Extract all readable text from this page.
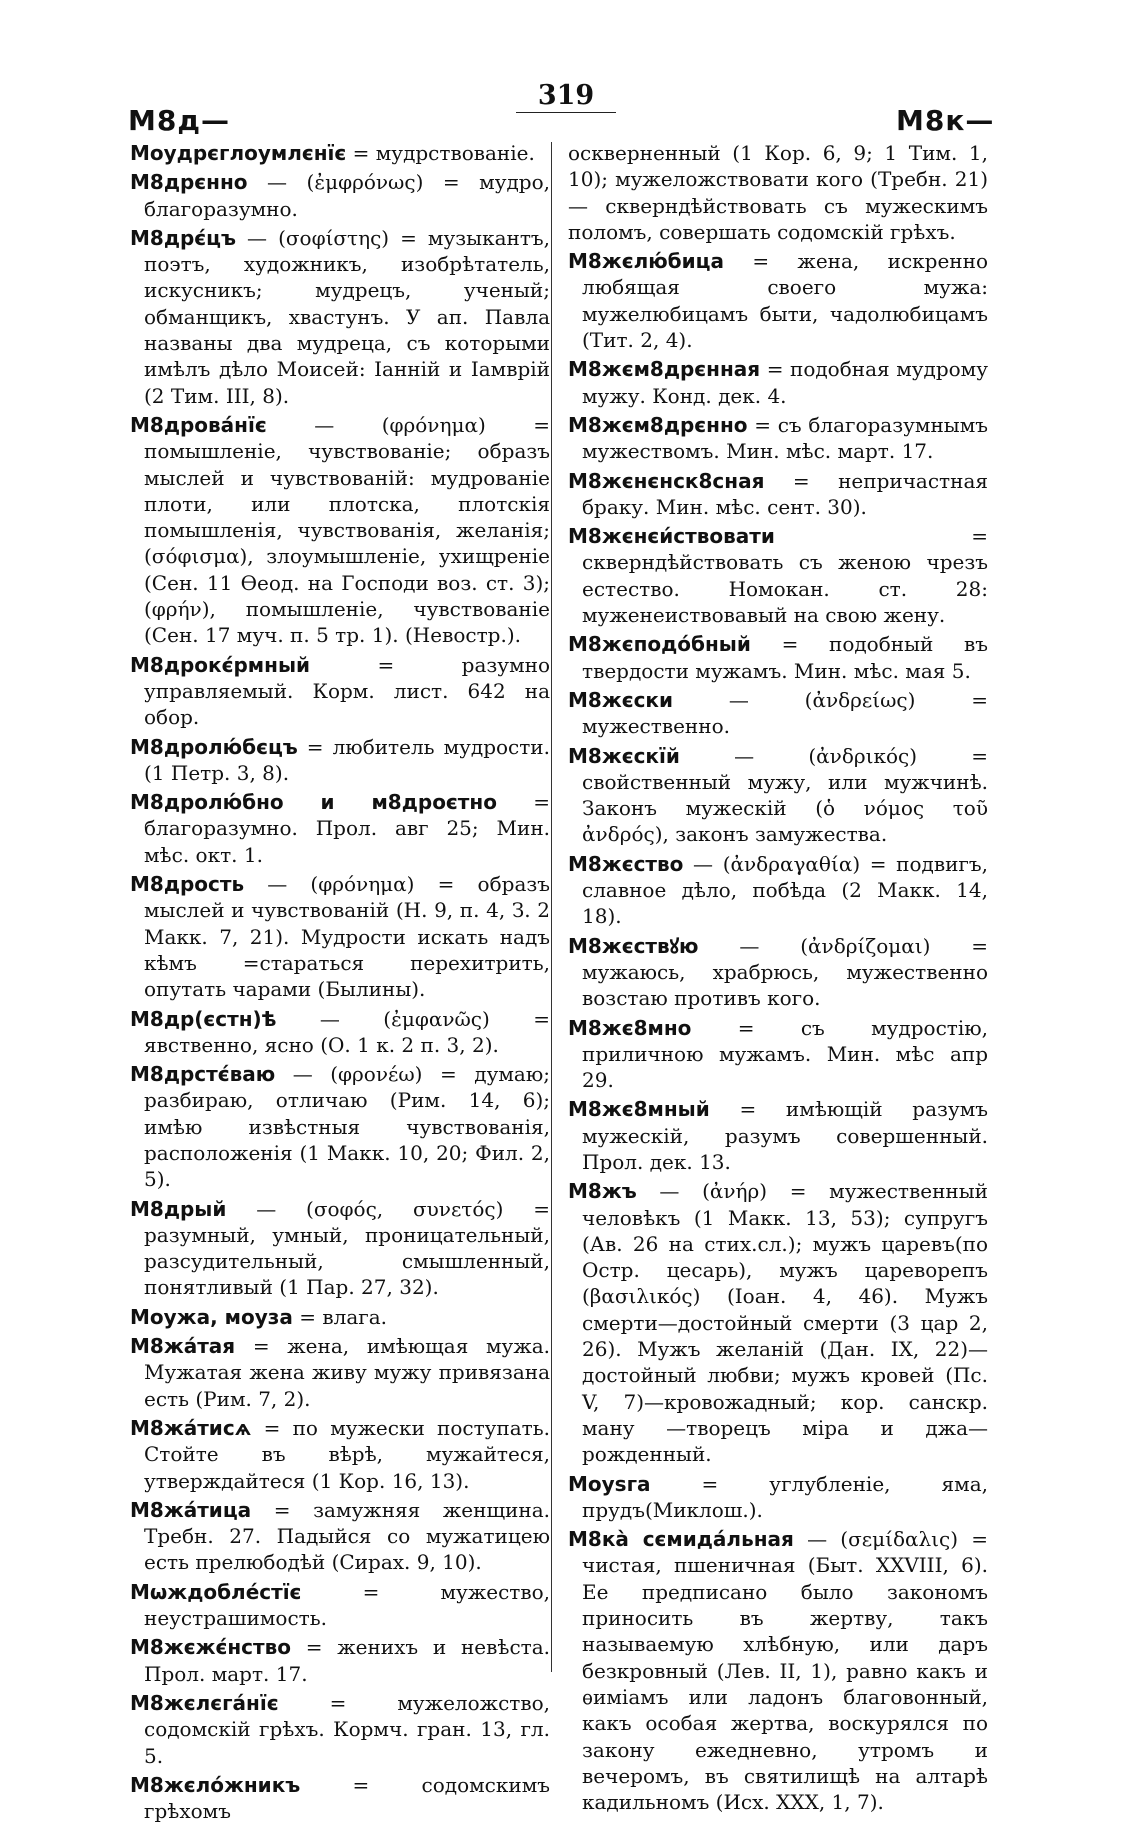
319
М8д—	М8к—

Моудрєглоумлєнїє = мудрствованіе.

М8дрєнно — (ἐμφρόνως) = мудро, благоразумно.

М8дрє́цъ — (σοφίστης) = музыкантъ, поэтъ, художникъ, изобрѣтатель, искусникъ; мудрецъ, ученый; обманщикъ, хвастунъ. У ап. Павла названы два мудреца, съ которыми имѣлъ дѣло Моисей: Іанній и Іамврій (2 Тим. III, 8).

М8дрова́нїє — (φρόνημα) = помышленіе, чувствованіе; образъ мыслей и чувствованій: мудрованіе плоти, или плотска, плотскія помышленія, чувствованія, желанія; (σόφισμα), злоумышленіе, ухищреніе (Сен. 11 Ѳеод. на Господи воз. ст. 3); (φρήν), помышленіе, чувствованіе (Сен. 17 муч. п. 5 тр. 1). (Невостр.).

М8дрокє́рмный = разумно управляемый. Корм. лист. 642 на обор.

М8дролю́бєцъ = любитель мудрости. (1 Петр. 3, 8).

М8дролю́бно и м8дроєтно = благоразумно. Прол. авг 25; Мин. мѣс. окт. 1.

М8дрость — (φρόνημα) = образъ мыслей и чувствованій (Н. 9, п. 4, З. 2 Макк. 7, 21). Мудрости искать надъ кѣмъ =стараться перехитрить, опутать чарами (Былины).

М8др(єстн)ѣ — (ἐμφανῶς) = явственно, ясно (О. 1 к. 2 п. 3, 2).

М8дрстє́ваю — (φρονέω) = думаю; разбираю, отличаю (Рим. 14, 6); имѣю извѣстныя чувствованія, расположенія (1 Макк. 10, 20; Фил. 2, 5).

М8дрый — (σοφός, συνετός) = разумный, умный, проницательный, разсудительный, смышленный, понятливый (1 Пар. 27, 32).

Моужа, моуза = влага.

М8жа́тая = жена, имѣющая мужа. Мужатая жена живу мужу привязана есть (Рим. 7, 2).

М8жа́тисѧ = по мужески поступать. Стойте въ вѣрѣ, мужайтеся, утверждайтеся (1 Кор. 16, 13).

М8жа́тица = замужняя женщина. Требн. 27. Падыйся со мужатицею есть прелюбодѣй (Сирах. 9, 10).

Мѡждобле́стїє = мужество, неустрашимость.

М8жєжє́нство = женихъ и невѣста. Прол. март. 17.

М8жєлєга́нїє = мужеложство, содомскій грѣхъ. Кормч. гран. 13, гл. 5.

М8жєло́жникъ = содомскимъ грѣхомъ

оскверненный (1 Кор. 6, 9; 1 Тим. 1, 10); мужеложствовати кого (Требн. 21) — скверндѣйствовать съ мужескимъ поломъ, совершать содомскій грѣхъ.

М8жєлю́бица = жена, искренно любящая своего мужа: мужелюбицамъ быти, чадолюбицамъ (Тит. 2, 4).

М8жєм8дрєнная = подобная мудрому мужу. Конд. дек. 4.

М8жєм8дрєнно = съ благоразумнымъ мужествомъ. Мин. мѣс. март. 17.

М8жєнєнск8сная = непричастная браку. Мин. мѣс. сент. 30).

М8жєнєи́ствовати = скверндѣйствовать съ женою чрезъ естество. Номокан. ст. 28: мужeнеиствовавый на свою жену.

М8жєподо́бный = подобный въ твердости мужамъ. Мин. мѣс. мая 5.

М8жєски — (ἀνδρείως) = мужественно.

М8жєскїй — (ἀνδρικός) = свойственный мужу, или мужчинѣ. Законъ мужескій (ὁ νόμος τοῦ ἀνδρός), законъ замужества.

М8жєство — (ἀνδραγαθία) = подвигъ, славное дѣло, побѣда (2 Макк. 14, 18).

М8жєствꙋю — (ἀνδρίζομαι) = мужаюсь, храбрюсь, мужественно возстаю противъ кого.

М8жє8мно = съ мудростію, приличною мужамъ. Мин. мѣс апр 29.

М8жє8мный = имѣющій разумъ мужескій, разумъ совершенный. Прол. дек. 13.

М8жъ — (ἀνήρ) = мужественный человѣкъ (1 Макк. 13, 53); супругъ (Ав. 26 на стих.сл.); мужъ царевъ(по Остр. цесарь), мужъ цареворепъ (βασιλικός) (Іоан. 4, 46). Мужъ смерти—достойный смерти (3 цар 2, 26). Мужъ желаній (Дан. IX, 22)—достойный любви; мужъ кровей (Пс. V, 7)—кровожадный; кор. санскр. ману —творецъ міра и джа—рожденный.

Моуѕга = углубленіе, яма, прудъ(Миклош.).

М8ка̀ сємида́льная — (σεμίδαλις) = чистая, пшеничная (Быт. XXVIII, 6). Ее предписано было закономъ приносить въ жертву, такъ называемую хлѣбную, или даръ безкровный (Лев. II, 1), равно какъ и ѳиміамъ или ладонъ благовонный, какъ особая жертва, воскурялся по закону ежедневно, утромъ и вечеромъ, въ святилищѣ на алтарѣ кадильномъ (Исх. XXX, 1, 7).
